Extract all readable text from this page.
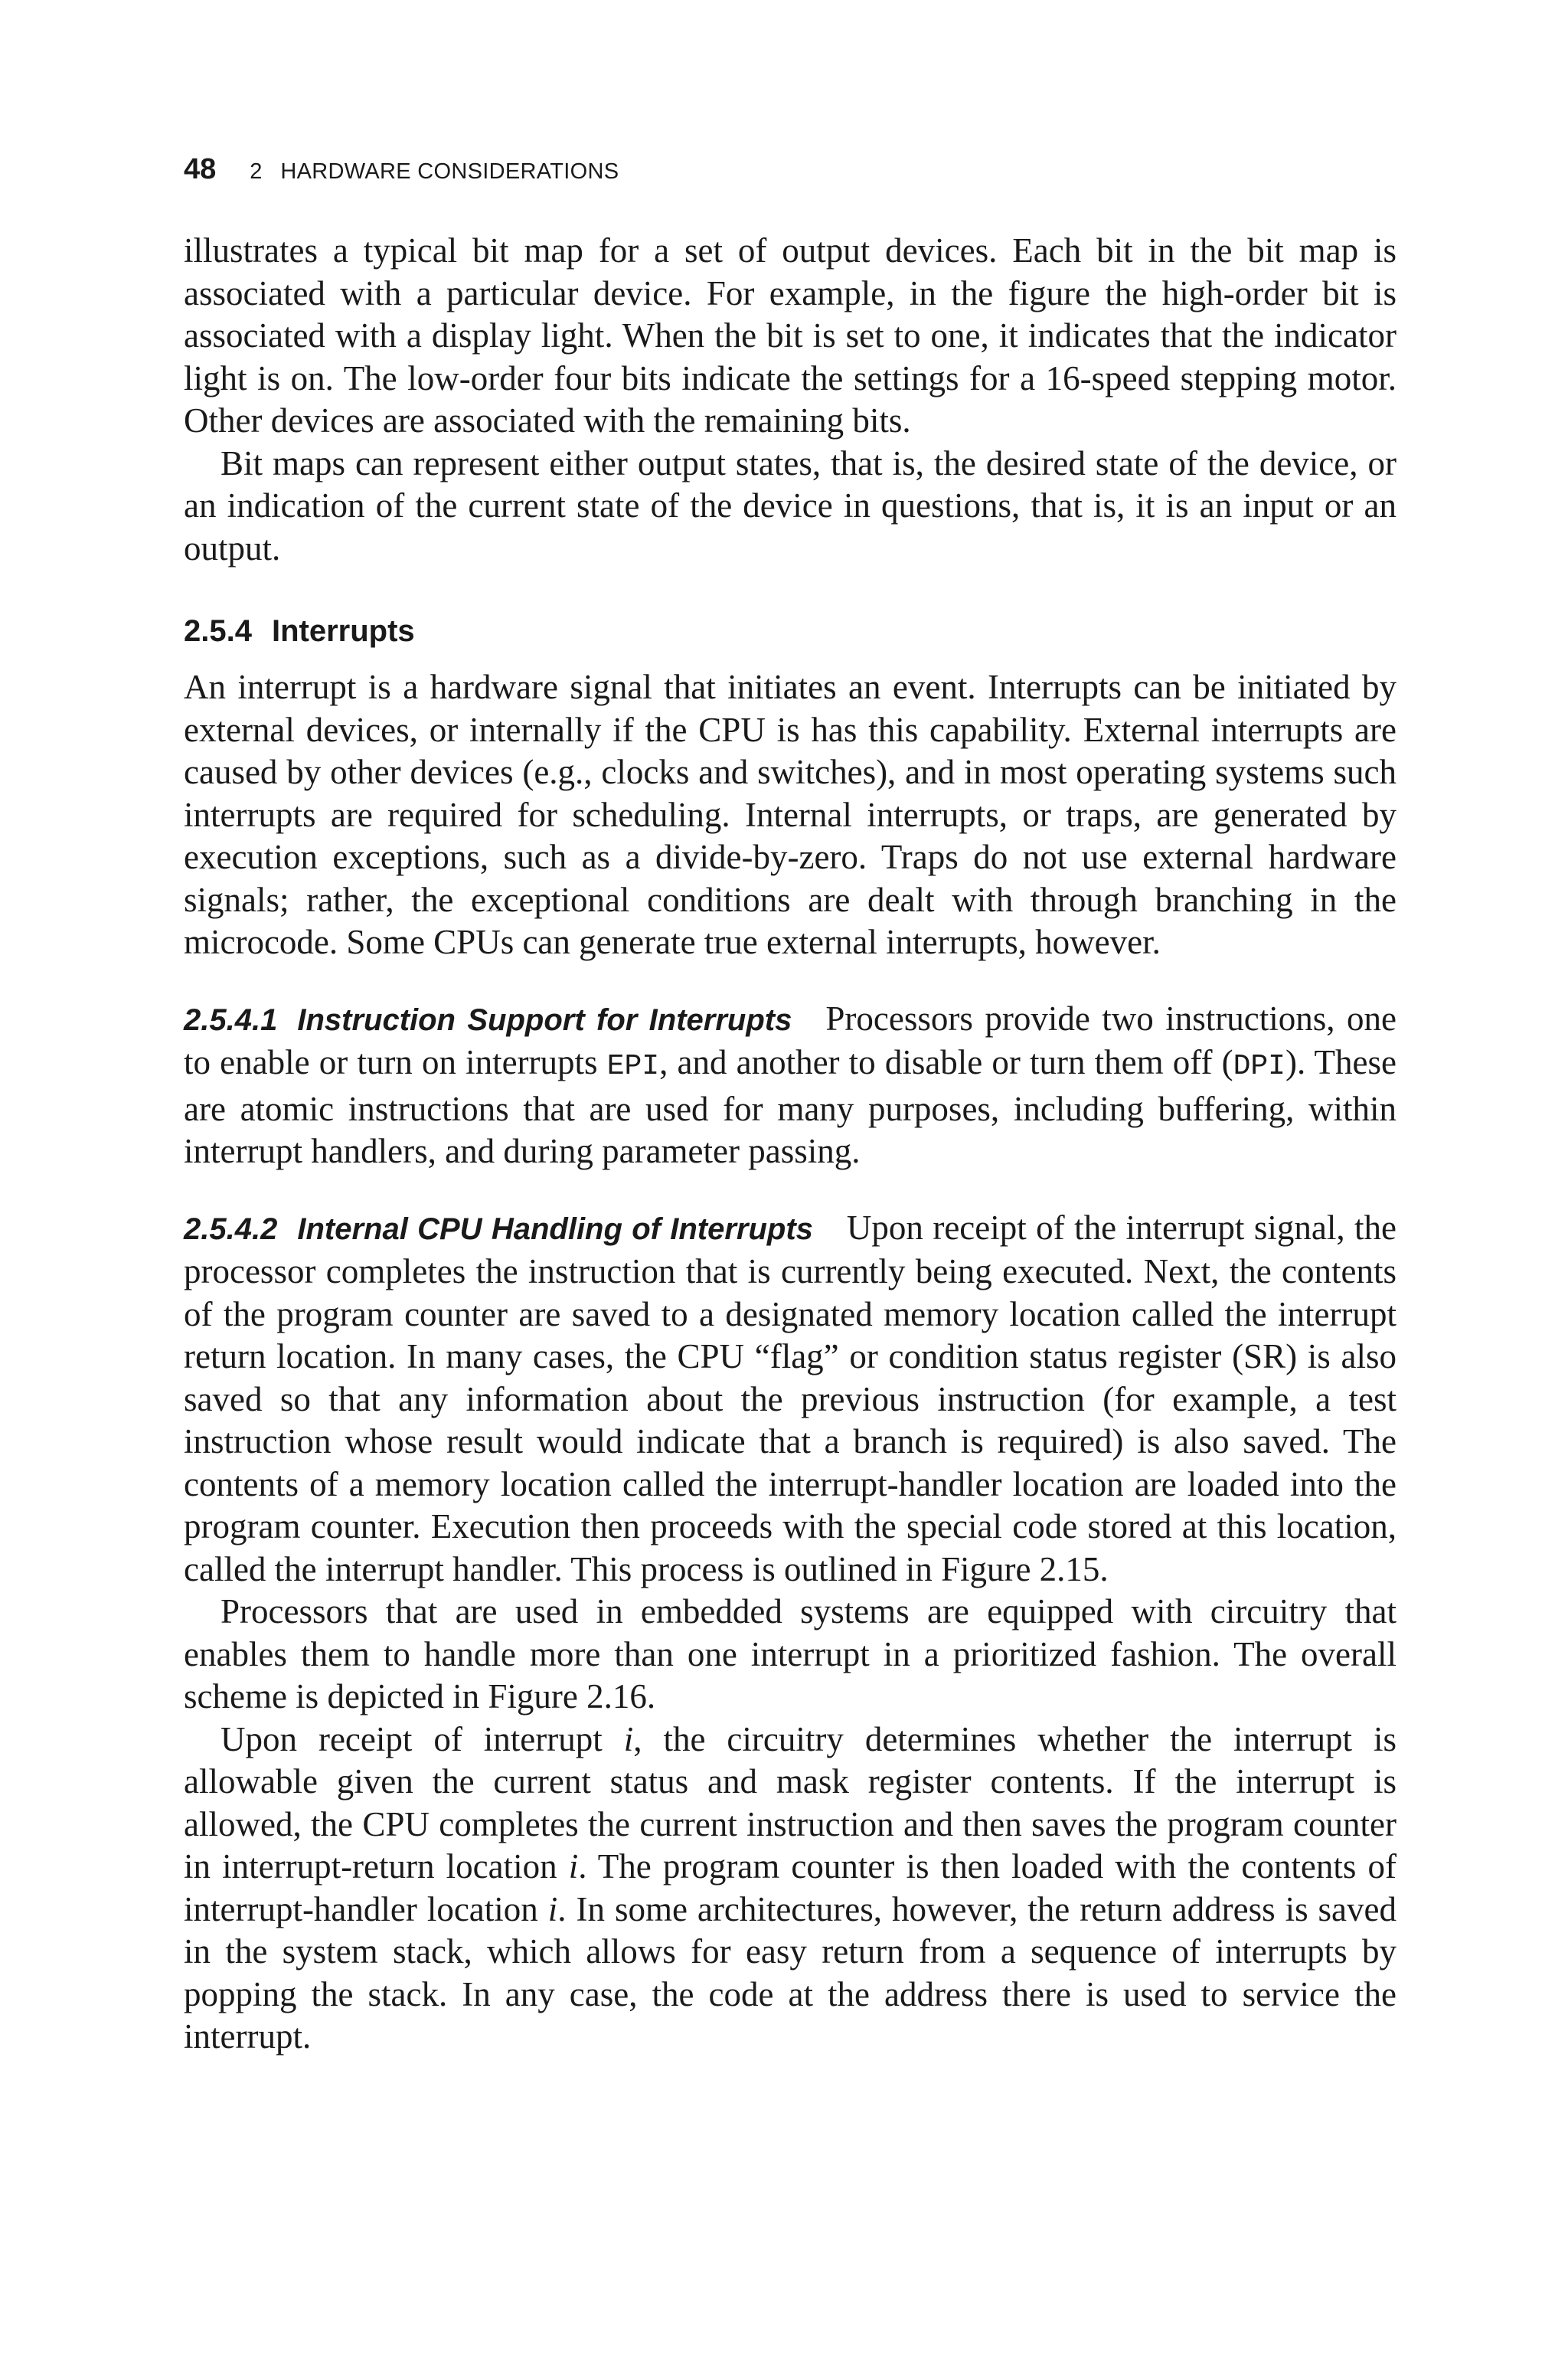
48 2 HARDWARE CONSIDERATIONS

illustrates a typical bit map for a set of output devices. Each bit in the bit map is associated with a particular device. For example, in the figure the high-order bit is associated with a display light. When the bit is set to one, it indicates that the indicator light is on. The low-order four bits indicate the settings for a 16-speed stepping motor. Other devices are associated with the remaining bits.

Bit maps can represent either output states, that is, the desired state of the device, or an indication of the current state of the device in questions, that is, it is an input or an output.

2.5.4 Interrupts

An interrupt is a hardware signal that initiates an event. Interrupts can be initiated by external devices, or internally if the CPU is has this capability. External interrupts are caused by other devices (e.g., clocks and switches), and in most operating systems such interrupts are required for scheduling. Internal interrupts, or traps, are generated by execution exceptions, such as a divide-by-zero. Traps do not use external hardware signals; rather, the exceptional conditions are dealt with through branching in the microcode. Some CPUs can generate true external interrupts, however.

2.5.4.1 Instruction Support for Interrupts Processors provide two instructions, one to enable or turn on interrupts EPI, and another to disable or turn them off (DPI). These are atomic instructions that are used for many purposes, including buffering, within interrupt handlers, and during parameter passing.

2.5.4.2 Internal CPU Handling of Interrupts Upon receipt of the interrupt signal, the processor completes the instruction that is currently being executed. Next, the contents of the program counter are saved to a designated memory location called the interrupt return location. In many cases, the CPU “flag” or condition status register (SR) is also saved so that any information about the previous instruction (for example, a test instruction whose result would indicate that a branch is required) is also saved. The contents of a memory location called the interrupt-handler location are loaded into the program counter. Execution then proceeds with the special code stored at this location, called the interrupt handler. This process is outlined in Figure 2.15.

Processors that are used in embedded systems are equipped with circuitry that enables them to handle more than one interrupt in a prioritized fashion. The overall scheme is depicted in Figure 2.16.

Upon receipt of interrupt i, the circuitry determines whether the interrupt is allowable given the current status and mask register contents. If the interrupt is allowed, the CPU completes the current instruction and then saves the program counter in interrupt-return location i. The program counter is then loaded with the contents of interrupt-handler location i. In some architectures, however, the return address is saved in the system stack, which allows for easy return from a sequence of interrupts by popping the stack. In any case, the code at the address there is used to service the interrupt.
